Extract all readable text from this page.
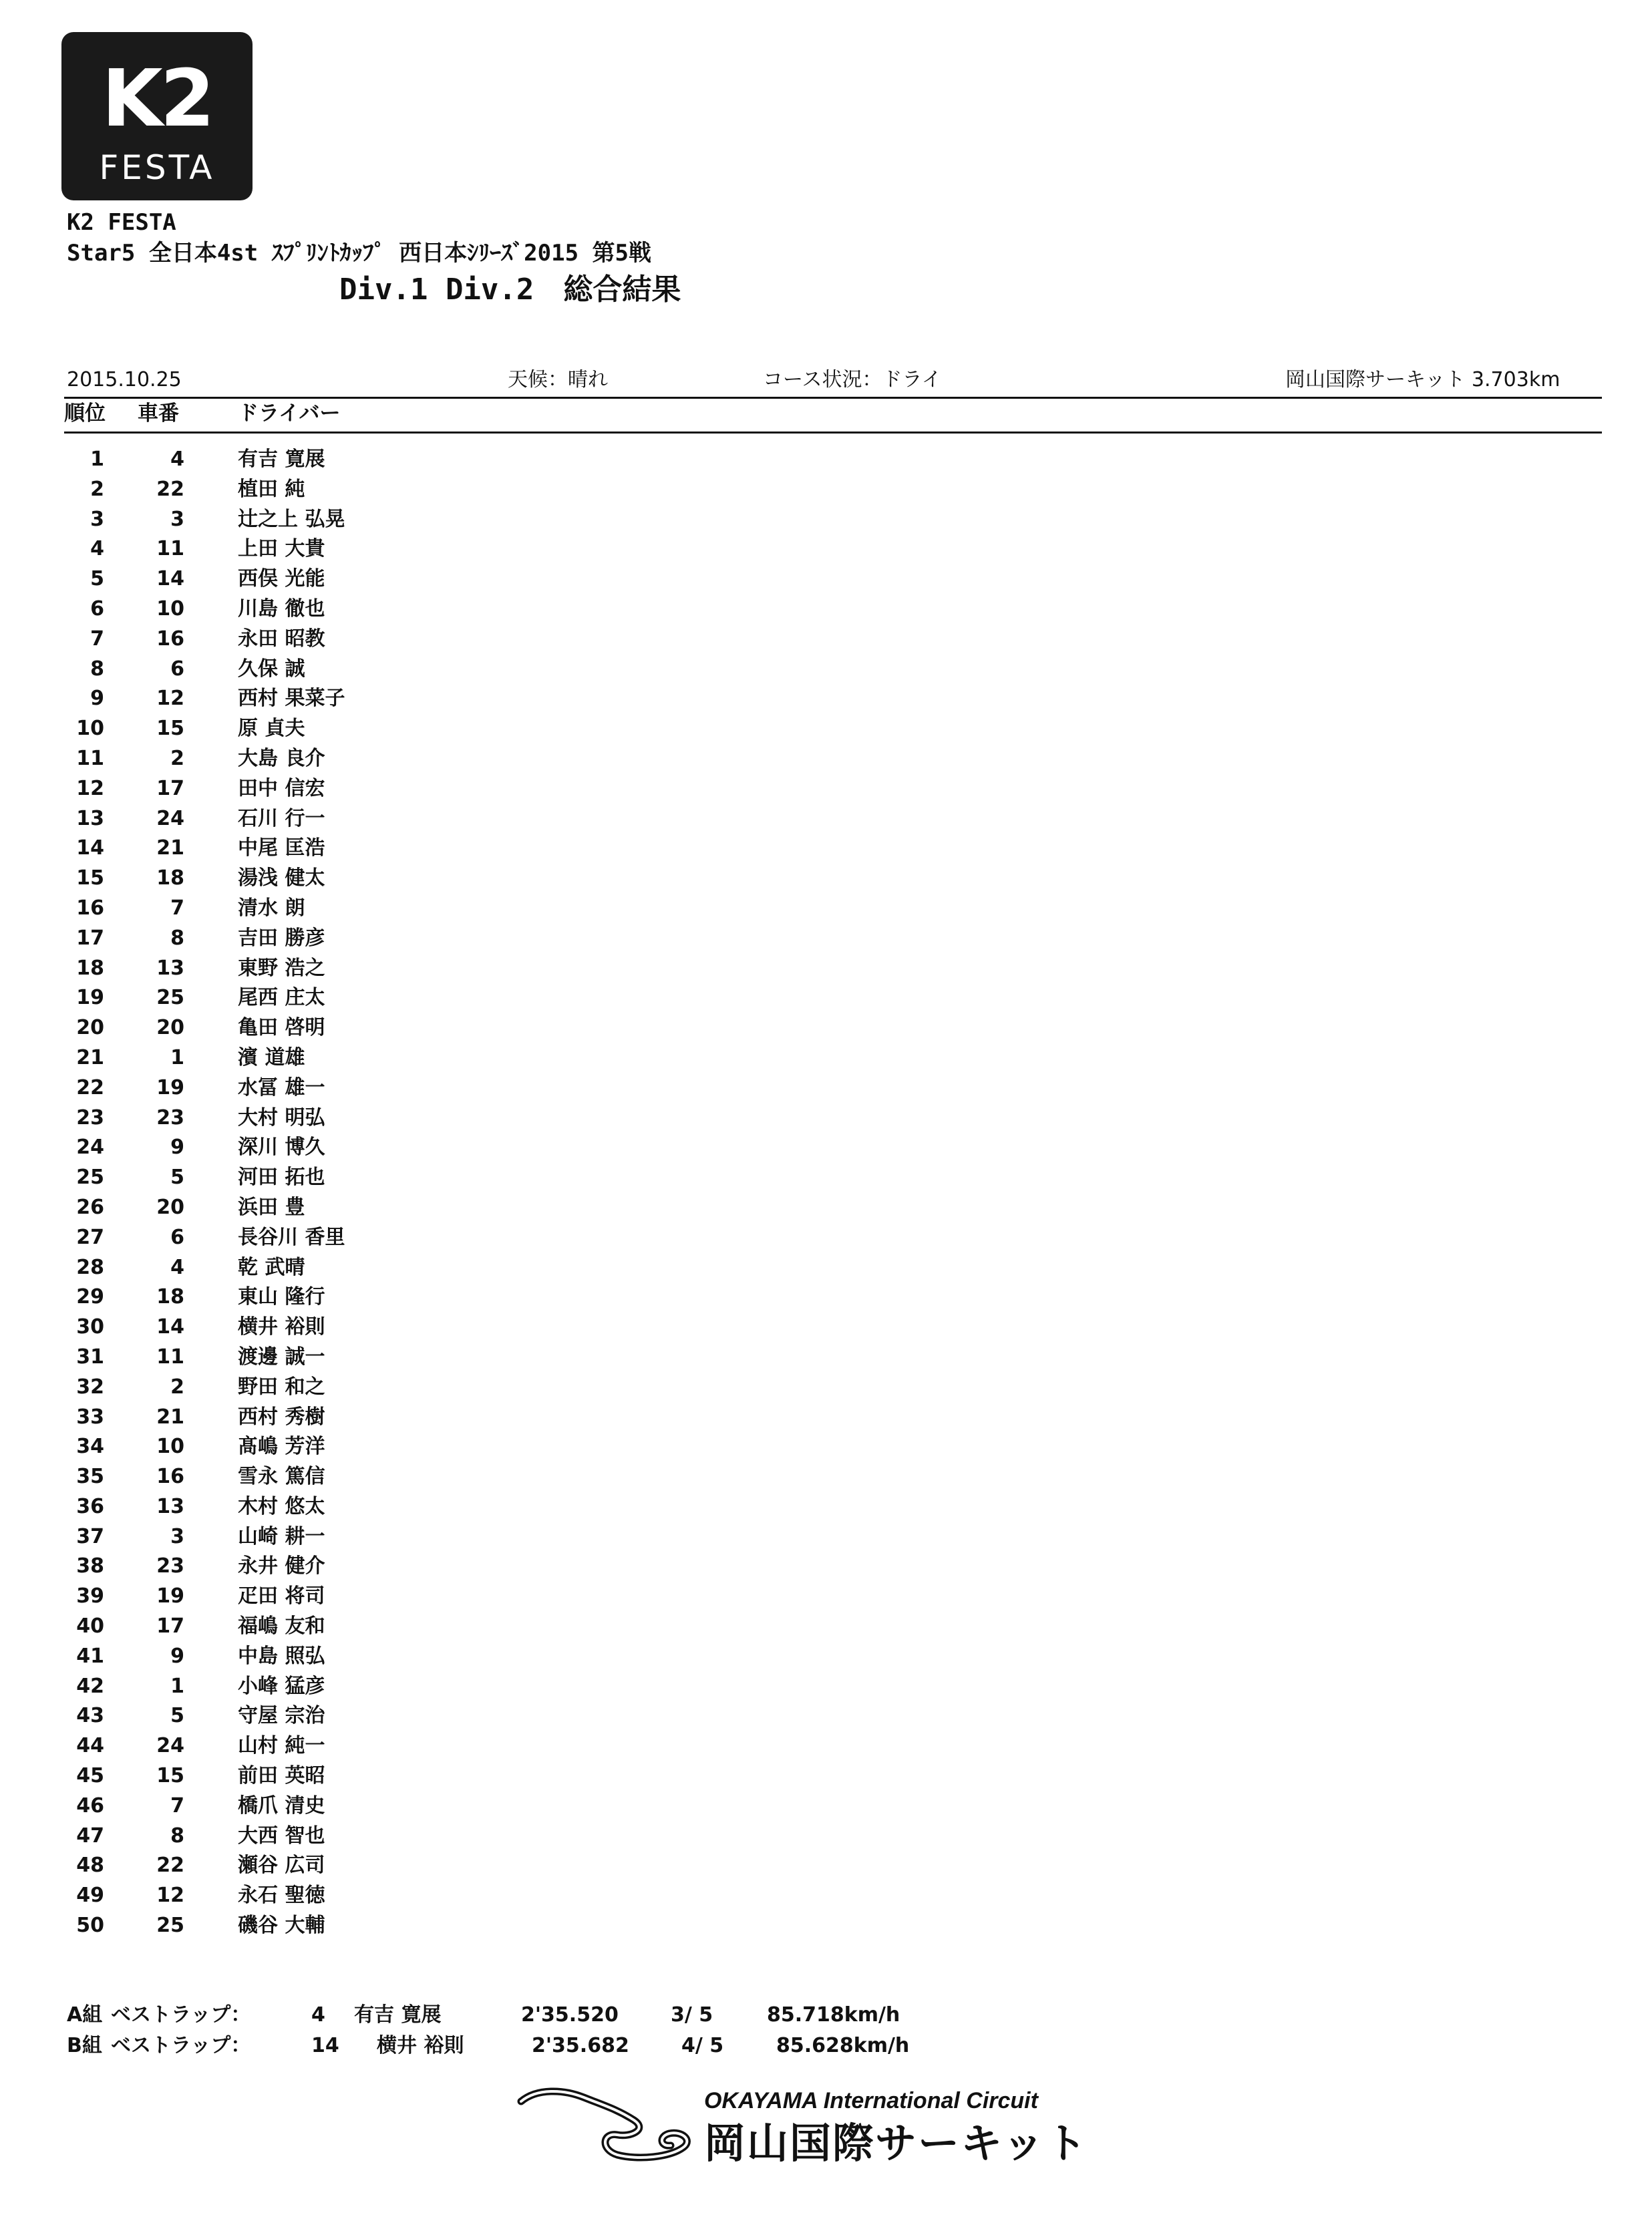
K2
FESTA
K2 FESTA
Star5 全日本4st ｽﾌﾟﾘﾝﾄｶｯﾌﾟ 西日本ｼﾘｰｽﾞ2015 第5戦
Div.1 Div.2　総合結果
2015.10.25	天候：晴れ	コース状況：ドライ	岡山国際サーキット 3.703km
順位 車番	ドライバー
1	4	有吉 寛展
2	22	植田 純
3	3	辻之上 弘晃
4	11	上田 大貴
5	14	西俣 光能
6	10	川島 徹也
7	16	永田 昭教
8	6	久保 誠
9	12	西村 果菜子
10	15	原 貞夫
11	2	大島 良介
12	17	田中 信宏
13	24	石川 行一
14	21	中尾 匡浩
15	18	湯浅 健太
16	7	清水 朗
17	8	吉田 勝彦
18	13	東野 浩之
19	25	尾西 庄太
20	20	亀田 啓明
21	1	濱 道雄
22	19	水冨 雄一
23	23	大村 明弘
24	9	深川 博久
25	5	河田 拓也
26	20	浜田 豊
27	6	長谷川 香里
28	4	乾 武晴
29	18	東山 隆行
30	14	横井 裕則
31	11	渡邊 誠一
32	2	野田 和之
33	21	西村 秀樹
34	10	髙嶋 芳洋
35	16	雪永 篤信
36	13	木村 悠太
37	3	山崎 耕一
38	23	永井 健介
39	19	疋田 将司
40	17	福嶋 友和
41	9	中島 照弘
42	1	小峰 猛彦
43	5	守屋 宗治
44	24	山村 純一
45	15	前田 英昭
46	7	橋爪 清史
47	8	大西 智也
48	22	瀬谷 広司
49	12	永石 聖徳
50	25	磯谷 大輔
A組 ベストラップ：	4 有吉 寛展	2'35.520	3/ 5	85.718km/h
B組 ベストラップ：	14 横井 裕則	2'35.682	4/ 5	85.628km/h
OKAYAMA International Circuit
岡山国際サーキット
